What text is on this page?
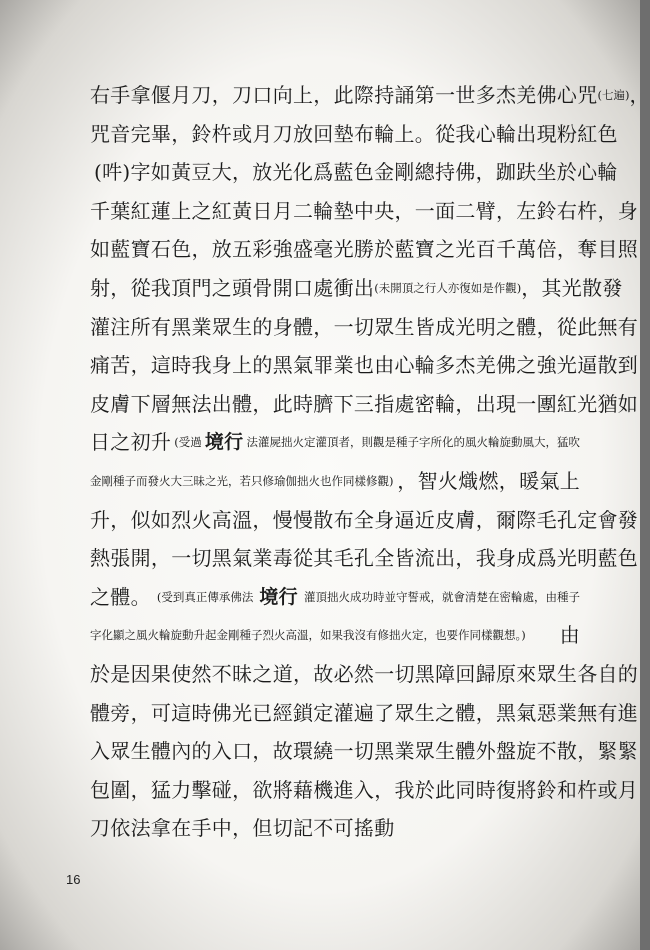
右手拿偃月刀，刀口向上，此際持誦第一世多杰羌佛心咒 (七遍) ，
咒音完畢，鈴杵或月刀放回墊布輪上。從我心輪出現粉紅色
(吽)字如黃豆大，放光化爲藍色金剛總持佛，跏趺坐於心輪
千葉紅蓮上之紅黃日月二輪墊中央，一面二臂，左鈴右杵，身
如藍寶石色，放五彩強盛毫光勝於藍寶之光百千萬倍，奪目照
射，從我頂門之頭骨開口處衝出 (未開頂之行人亦復如是作觀) ，其光散發
灌注所有黑業眾生的身體，一切眾生皆成光明之體，從此無有
痛苦，這時我身上的黑氣罪業也由心輪多杰羌佛之強光逼散到
皮膚下層無法出體，此時臍下三指處密輪，出現一團紅光猶如
日之初升 (受過 境行 法灌屍拙火定灌頂者，則觀是種子字所化的風火輪旋動風大，猛吹
金剛種子而發火大三昧之光，若只修瑜伽拙火也作同樣修觀) ，智火熾燃，暖氣上
升，似如烈火高溫，慢慢散布全身逼近皮膚，爾際毛孔定會發
熱張開，一切黑氣業毒從其毛孔全皆流出，我身成爲光明藍色
之體。 (受到真正傳承佛法 境行 灌頂拙火成功時並守誓戒，就會清楚在密輪處，由種子
字化顯之風火輪旋動升起金剛種子烈火高溫，如果我沒有修拙火定，也要作同樣觀想。) 由
於是因果使然不昧之道，故必然一切黑障回歸原來眾生各自的
體旁，可這時佛光已經鎖定灌遍了眾生之體，黑氣惡業無有進
入眾生體內的入口，故環繞一切黑業眾生體外盤旋不散，緊緊
包圍，猛力擊碰，欲將藉機進入，我於此同時復將鈴和杵或月
刀依法拿在手中，但切記不可搖動
16
